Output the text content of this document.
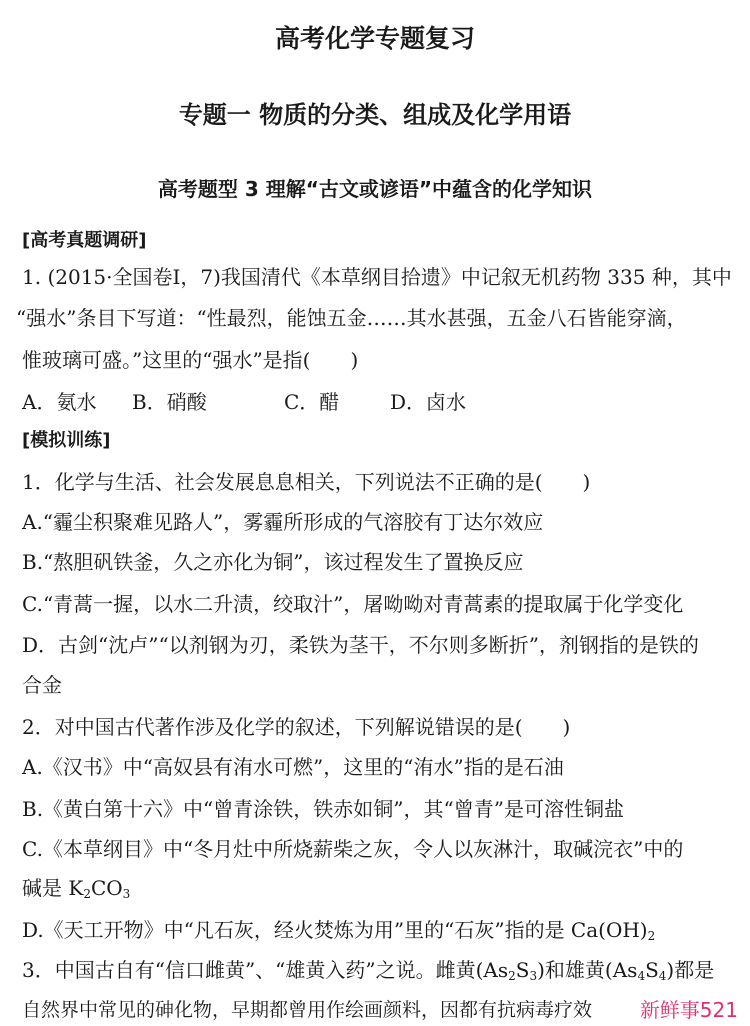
高考化学专题复习
专题一 物质的分类、组成及化学用语
高考题型 3 理解“古文或谚语”中蕴含的化学知识
[高考真题调研]
1. (2015·全国卷Ⅰ，7)我国清代《本草纲目拾遗》中记叙无机药物 335 种，其中
“强水”条目下写道：“性最烈，能蚀五金……其水甚强，五金八石皆能穿滴，
惟玻璃可盛。”这里的“强水”是指(　　)
A．氨水 B．硝酸	C．醋	D．卤水
[模拟训练]
1．化学与生活、社会发展息息相关，下列说法不正确的是(　　)
A.“霾尘积聚难见路人”，雾霾所形成的气溶胶有丁达尔效应
B.“熬胆矾铁釜，久之亦化为铜”，该过程发生了置换反应
C.“青蒿一握，以水二升渍，绞取汁”，屠呦呦对青蒿素的提取属于化学变化
D．古剑“沈卢”“以剂钢为刃，柔铁为茎干，不尔则多断折”，剂钢指的是铁的
合金
2．对中国古代著作涉及化学的叙述，下列解说错误的是(　　)
A.《汉书》中“高奴县有洧水可燃”，这里的“洧水”指的是石油
B.《黄白第十六》中“曾青涂铁，铁赤如铜”，其“曾青”是可溶性铜盐
C.《本草纲目》中“冬月灶中所烧薪柴之灰，令人以灰淋汁，取碱浣衣”中的
碱是 $K_2CO_3$
D.《天工开物》中“凡石灰，经火焚炼为用”里的“石灰”指的是 $Ca(OH)_2$
3．中国古自有“信口雌黄”、“雄黄入药”之说。雌黄$(As_2S_3)$和雄黄$(As_4S_4)$都是
自然界中常见的砷化物，早期都曾用作绘画颜料，因都有抗病毒疗效 新鲜事521
